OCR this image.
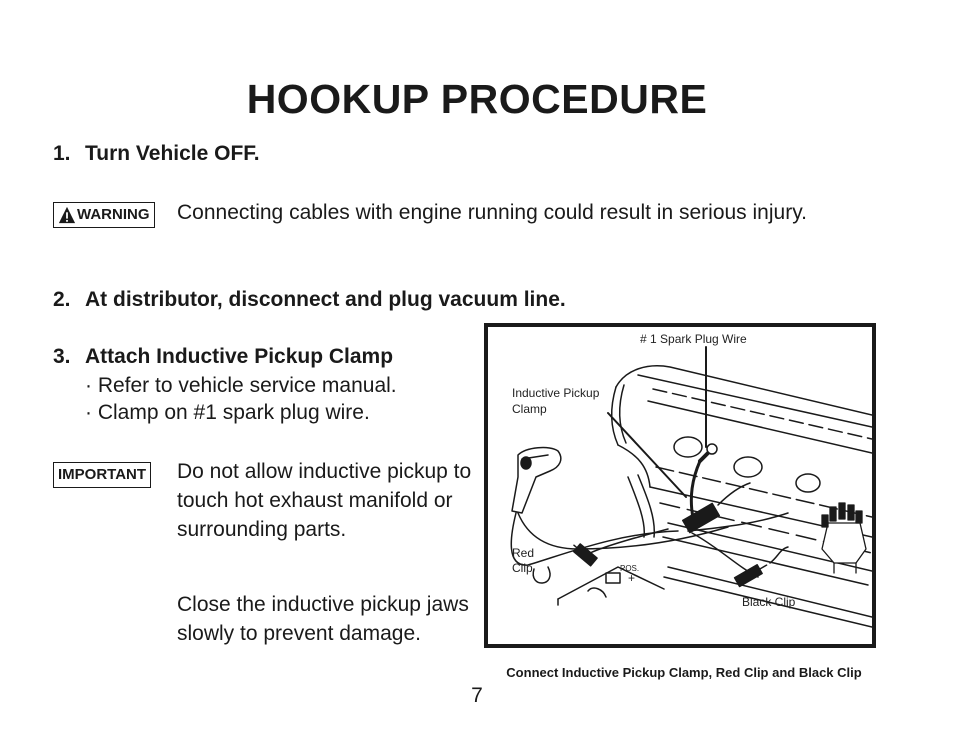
HOOKUP PROCEDURE
1. Turn Vehicle OFF.
WARNING Connecting cables with engine running could result in serious injury.
2. At distributor, disconnect and plug vacuum line.
3. Attach Inductive Pickup Clamp
· Refer to vehicle service manual.
· Clamp on #1 spark plug wire.
IMPORTANT Do not allow inductive pickup to touch hot exhaust manifold or surrounding parts.
Close the inductive pickup jaws slowly to prevent damage.
# 1 Spark Plug Wire
Inductive Pickup
Clamp
Red
Clip	POS.
+
Black Clip
Connect Inductive Pickup Clamp, Red Clip and Black Clip
7
